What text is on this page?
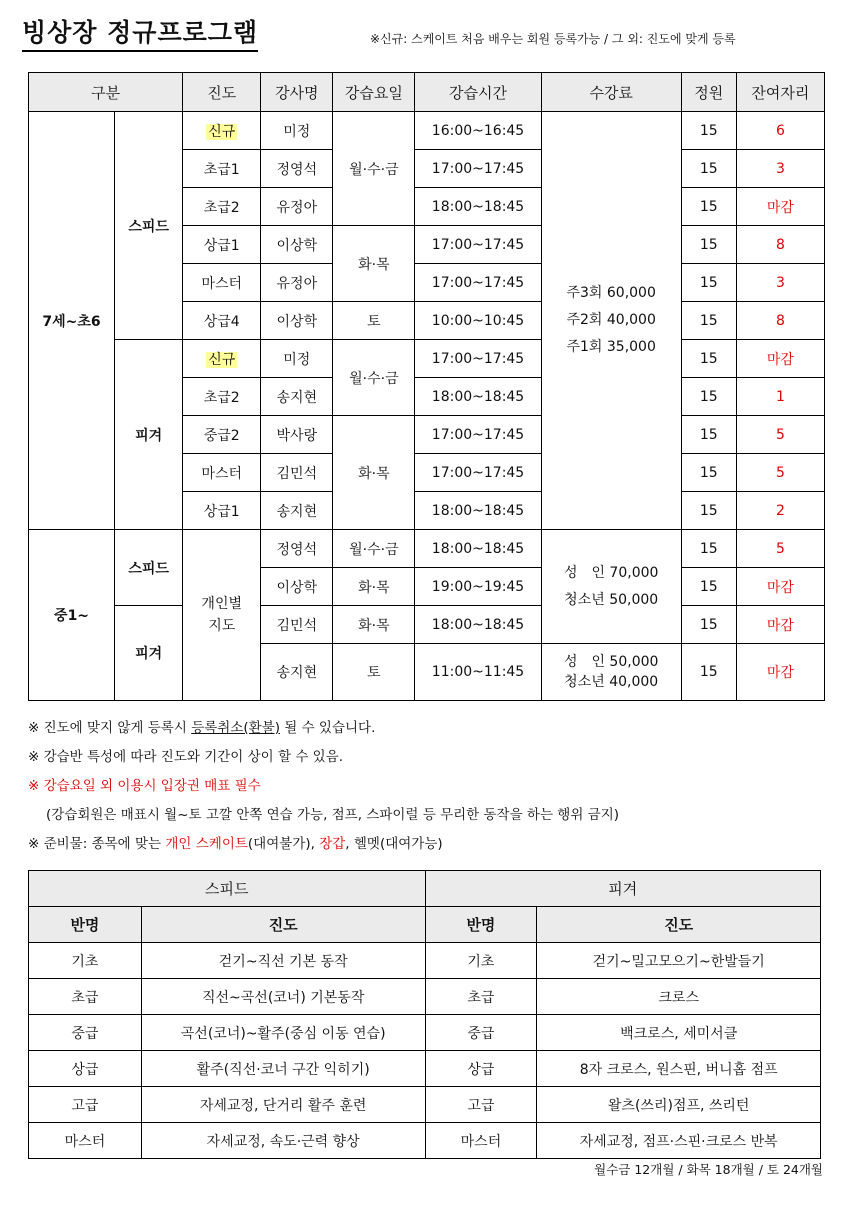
빙상장 정규프로그램	※신규: 스케이트 처음 배우는 회원 등록가능 / 그 외: 진도에 맞게 등록
구분		진도	강사명	강습요일	강습시간	수강료	정원	잔여자리
7세~초6	스피드	신규	미정	월·수·금	16:00~16:45	주3회 60,000
주2회 40,000
주1회 35,000	15	6
		초급1	정영석		17:00~17:45		15	3
		초급2	유정아		18:00~18:45		15	마감
		상급1	이상학	화·목	17:00~17:45		15	8
		마스터	유정아		17:00~17:45		15	3
		상급4	이상학	토	10:00~10:45		15	8
	피겨	신규	미정	월·수·금	17:00~17:45		15	마감
		초급2	송지현		18:00~18:45		15	1
		중급2	박사랑	화·목	17:00~17:45		15	5
		마스터	김민석		17:00~17:45		15	5
		상급1	송지현		18:00~18:45		15	2
중1~	스피드	개인별 지도	정영석	월·수·금	18:00~18:45	성　인 70,000
청소년 50,000	15	5
			이상학	화·목	19:00~19:45		15	마감
	피겨		김민석	화·목	18:00~18:45		15	마감
			송지현	토	11:00~11:45	성　인 50,000
청소년 40,000	15	마감

※ 진도에 맞지 않게 등록시 등록취소(환불) 될 수 있습니다.
※ 강습반 특성에 따라 진도와 기간이 상이 할 수 있음.
※ 강습요일 외 이용시 입장권 매표 필수
(강습회원은 매표시 월~토 고깔 안쪽 연습 가능, 점프, 스파이럴 등 무리한 동작을 하는 행위 금지)
※ 준비물: 종목에 맞는 개인 스케이트(대여불가), 장갑, 헬멧(대여가능)
스피드		피겨	
반명	진도	반명	진도
기초	걷기~직선 기본 동작	기초	걷기~밀고모으기~한발들기
초급	직선~곡선(코너) 기본동작	초급	크로스
중급	곡선(코너)~활주(중심 이동 연습)	중급	백크로스, 세미서클
상급	활주(직선·코너 구간 익히기)	상급	8자 크로스, 원스핀, 버니홉 점프
고급	자세교정, 단거리 활주 훈련	고급	왈츠(쓰리)점프, 쓰리턴
마스터	자세교정, 속도·근력 향상	마스터	자세교정, 점프·스핀·크로스 반복
월수금 12개월 / 화목 18개월 / 토 24개월
